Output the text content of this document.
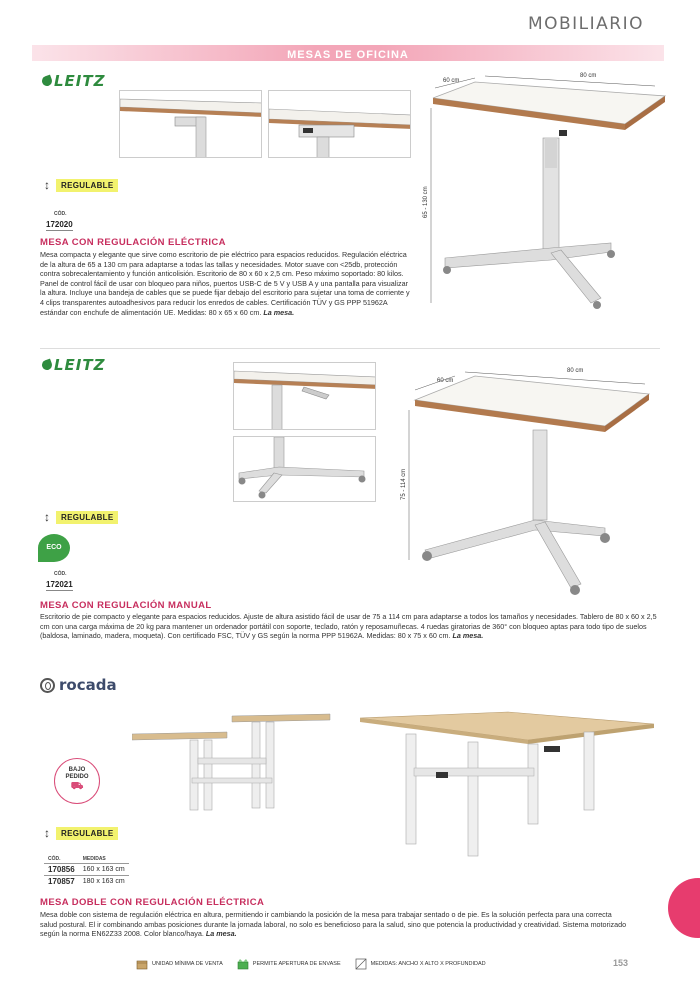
MOBILIARIO
MESAS DE OFICINA
LEITZ	60 cm
80 cm
65 - 130 cm
↕	REGULABLE
CÓD.
172020
MESA CON REGULACIÓN ELÉCTRICA
Mesa compacta y elegante que sirve como escritorio de pie eléctrico para espacios reducidos. Regulación eléctrica de la altura de 65 a 130 cm para adaptarse a todas las tallas y necesidades. Motor suave con <25db, protección contra sobrecalentamiento y función anticolisión. Escritorio de 80 x 60 x 2,5 cm. Peso máximo soportado: 80 kilos. Panel de control fácil de usar con bloqueo para niños, puertos USB-C de 5 V y USB A y una pantalla para visualizar la altura. Incluye una bandeja de cables que se puede fijar debajo del escritorio para sujetar una toma de corriente y 4 clips transparentes autoadhesivos para reducir los enredos de cables. Certificación TÜV y GS PPP 51962A estándar con enchufe de alimentación UE. Medidas: 80 x 65 x 60 cm. La mesa.
LEITZ
60 cm
80 cm
75 - 114 cm
↕	REGULABLE
ECO
CÓD.
172021
MESA CON REGULACIÓN MANUAL
Escritorio de pie compacto y elegante para espacios reducidos. Ajuste de altura asistido fácil de usar de 75 a 114 cm para adaptarse a todos los tamaños y necesidades. Tablero de 80 x 60 x 2,5 cm con una carga máxima de 20 kg para mantener un ordenador portátil con soporte, teclado, ratón y reposamuñecas. 4 ruedas giratorias de 360° con bloqueo aptas para todo tipo de suelos (baldosa, laminado, madera, moqueta). Con certificado FSC, TÜV y GS según la norma PPP 51962A. Medidas: 80 x 75 x 60 cm. La mesa.
rocada
BAJO
PEDIDO
⛟
↕	REGULABLE
CÓD.	MEDIDAS
170856	160 x 163 cm
170857	180 x 163 cm
MESA DOBLE CON REGULACIÓN ELÉCTRICA
Mesa doble con sistema de regulación eléctrica en altura, permitiendo ir cambiando la posición de la mesa para trabajar sentado o de pie. Es la solución perfecta para una correcta salud postural. El ir combinando ambas posiciones durante la jornada laboral, no solo es beneficioso para la salud, sino que potencia la productividad y creatividad. Sistema motorizado según la norma EN62Z33 2008. Color blanco/haya. La mesa.
UNIDAD MÍNIMA DE VENTA	PERMITE APERTURA DE ENVASE	MEDIDAS: ANCHO X ALTO X PROFUNDIDAD	153
